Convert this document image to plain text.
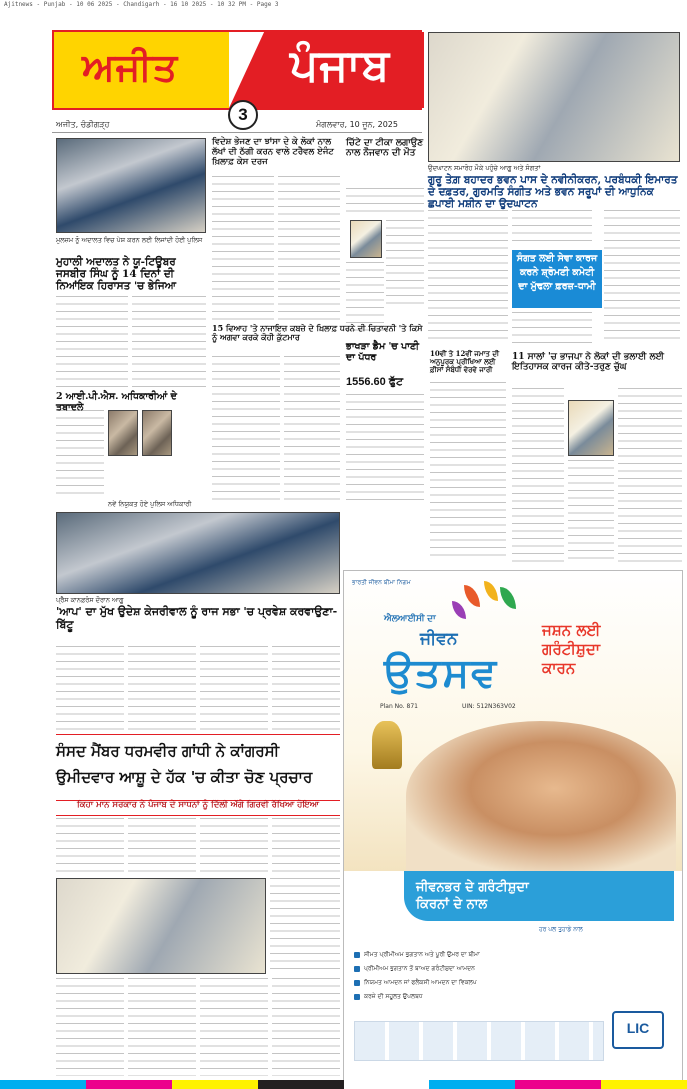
Ajitnews - Punjab - 10 06 2025 - Chandigarh - 16 10 2025 - 10 32 PM - Page 3
ਅਜੀਤ	ਪੰਜਾਬ
3
ਅਜੀਤ, ਚੰਡੀਗੜ੍ਹ	ਮੰਗਲਵਾਰ, 10 ਜੂਨ, 2025
ਉਦਘਾਟਨ ਸਮਾਰੋਹ ਮੌਕੇ ਪਹੁੰਚੇ ਆਗੂ ਅਤੇ ਸੰਗਤਾਂ
ਗੁਰੂ ਤੇਗ਼ ਬਹਾਦਰ ਭਵਨ ਪਾਸ ਦੇ ਨਵੀਨੀਕਰਨ, ਪਰਬੰਧਕੀ ਇਮਾਰਤ ਦੇ ਦਫ਼ਤਰ, ਗੁਰਮਤਿ ਸੰਗੀਤ ਅਤੇ ਭਵਨ ਸਰੂਪਾਂ ਦੀ ਆਧੁਨਿਕ ਛਪਾਈ ਮਸ਼ੀਨ ਦਾ ਉਦਘਾਟਨ
ਸੰਗਤ ਲਈ ਸੇਵਾ ਕਾਰਜ ਕਰਨੇ ਸ਼੍ਰੋਮਣੀ ਕਮੇਟੀ ਦਾ ਮੁੱਢਲਾ ਫ਼ਰਜ਼-ਧਾਮੀ
ਮੁਲਜ਼ਮ ਨੂੰ ਅਦਾਲਤ ਵਿਚ ਪੇਸ਼ ਕਰਨ ਲਈ ਲਿਜਾਂਦੀ ਹੋਈ ਪੁਲਿਸ
ਮੁਹਾਲੀ ਅਦਾਲਤ ਨੇ ਯੂ-ਟਿਊਬਰ ਜਸਬੀਰ ਸਿੰਘ ਨੂੰ 14 ਦਿਨਾਂ ਦੀ ਨਿਆਂਇਕ ਹਿਰਾਸਤ 'ਚ ਭੇਜਿਆ
2 ਆਈ.ਪੀ.ਐਸ. ਅਧਿਕਾਰੀਆਂ ਦੇ ਤਬਾਦਲੇ
ਨਵੇਂ ਨਿਯੁਕਤ ਹੋਏ ਪੁਲਿਸ ਅਧਿਕਾਰੀ
ਵਿਦੇਸ਼ ਭੇਜਣ ਦਾ ਝਾਂਸਾ ਦੇ ਕੇ ਲੋਕਾਂ ਨਾਲ ਲੱਖਾਂ ਦੀ ਠੱਗੀ ਕਰਨ ਵਾਲੇ ਟਰੈਵਲ ਏਜੰਟ ਖ਼ਿਲਾਫ਼ ਕੇਸ ਦਰਜ
ਚਿੱਟੇ ਦਾ ਟੀਕਾ ਲਗਾਉਣ ਨਾਲ ਨੌਜਵਾਨ ਦੀ ਮੌਤ
15 ਵਿਆਹ 'ਤੇ ਨਾਜਾਇਜ਼ ਕਬਜ਼ੇ ਦੇ ਖ਼ਿਲਾਫ਼ ਧਰਨੇ ਦੀ ਚਿਤਾਵਨੀ 'ਤੇ ਕਿਸੇ ਨੂੰ ਅਗਵਾ ਕਰਕੇ ਕੋਹੀ ਕੁੱਟਮਾਰ
ਭਾਖੜਾ ਡੈਮ 'ਚ ਪਾਣੀ ਦਾ ਪੱਧਰ
1556.60 ਫੁੱਟ
10ਵੀਂ ਤੇ 12ਵੀਂ ਜਮਾਤ ਦੀ ਅਨੁਪੂਰਕ ਪ੍ਰੀਖਿਆ ਲਈ ਫ਼ੀਸਾਂ ਸੰਬੰਧੀ ਵੇਰਵੇ ਜਾਰੀ
11 ਸਾਲਾਂ 'ਚ ਭਾਜਪਾ ਨੇ ਲੋਕਾਂ ਦੀ ਭਲਾਈ ਲਈ ਇਤਿਹਾਸਕ ਕਾਰਜ ਕੀਤੇ-ਤਰੁਣ ਚੁੱਘ
ਪ੍ਰੈੱਸ ਕਾਨਫ਼ਰੰਸ ਦੌਰਾਨ ਆਗੂ
'ਆਪ' ਦਾ ਮੁੱਖ ਉਦੇਸ਼ ਕੇਜਰੀਵਾਲ ਨੂੰ ਰਾਜ ਸਭਾ 'ਚ ਪ੍ਰਵੇਸ਼ ਕਰਵਾਉਣਾ-ਬਿੱਟੂ
ਸੰਸਦ ਮੈਂਬਰ ਧਰਮਵੀਰ ਗਾਂਧੀ ਨੇ ਕਾਂਗਰਸੀ ਉਮੀਦਵਾਰ ਆਸ਼ੂ ਦੇ ਹੱਕ 'ਚ ਕੀਤਾ ਚੋਣ ਪ੍ਰਚਾਰ
ਕਿਹਾ ਮਾਨ ਸਰਕਾਰ ਨੇ ਪੰਜਾਬ ਦੇ ਸਾਧਨਾਂ ਨੂੰ ਦਿੱਲੀ ਅੱਗੇ ਗਿਰਵੀ ਰੱਖਿਆ ਹੋਇਆ
ਭਾਰਤੀ ਜੀਵਨ ਬੀਮਾ ਨਿਗਮ
ਐਲਆਈਸੀ ਦਾ
ਜੀਵਨ
ਉਤਸਵ
ਜਸ਼ਨ ਲਈ
ਗਰੰਟੀਸ਼ੁਦਾ
ਕਾਰਨ
Plan No. 871	UIN: 512N363V02
ਜੀਵਨਭਰ ਦੇ ਗਰੰਟੀਸ਼ੁਦਾ
ਕਿਰਨਾਂ ਦੇ ਨਾਲ
ਹਰ ਪਲ ਤੁਹਾਡੇ ਨਾਲ
ਸੀਮਤ ਪ੍ਰੀਮੀਅਮ ਭੁਗਤਾਨ ਅਤੇ ਪੂਰੀ ਉਮਰ ਦਾ ਬੀਮਾ
ਪ੍ਰੀਮੀਅਮ ਭੁਗਤਾਨ ਤੋਂ ਬਾਅਦ ਗਰੰਟੀਸ਼ੁਦਾ ਆਮਦਨ
ਨਿਯਮਤ ਆਮਦਨ ਜਾਂ ਫਲੈਕਸੀ ਆਮਦਨ ਦਾ ਵਿਕਲਪ
ਕਰਜ਼ੇ ਦੀ ਸਹੂਲਤ ਉਪਲਬਧ
LIC
